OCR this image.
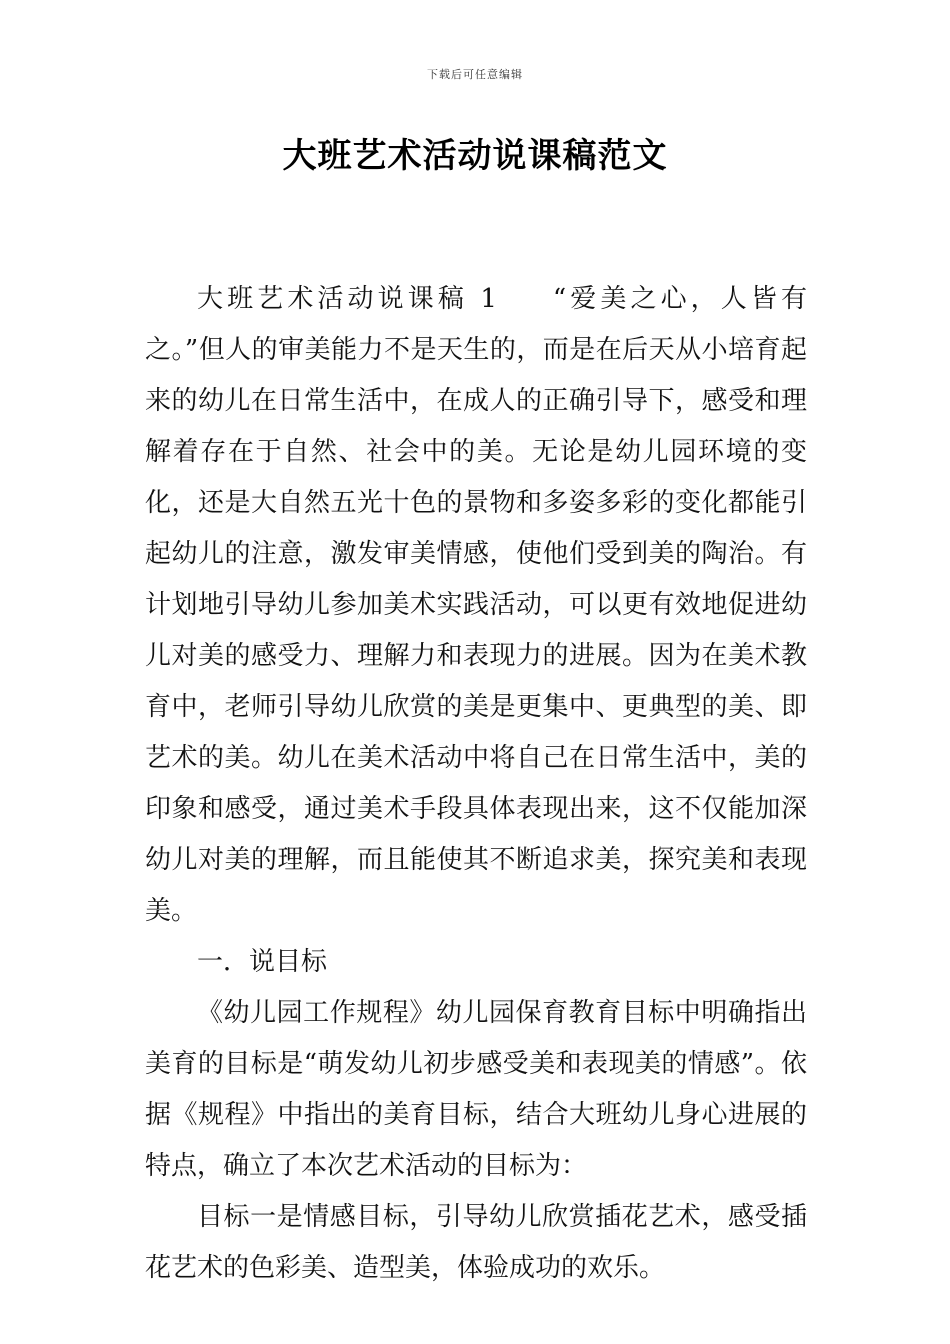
下载后可任意编辑
大班艺术活动说课稿范文

大班艺术活动说课稿 1 “爱美之心，人皆有之。”但人的审美能力不是天生的，而是在后天从小培育起来的幼儿在日常生活中，在成人的正确引导下，感受和理解着存在于自然、社会中的美。无论是幼儿园环境的变化，还是大自然五光十色的景物和多姿多彩的变化都能引起幼儿的注意，激发审美情感，使他们受到美的陶治。有计划地引导幼儿参加美术实践活动，可以更有效地促进幼儿对美的感受力、理解力和表现力的进展。因为在美术教育中，老师引导幼儿欣赏的美是更集中、更典型的美、即艺术的美。幼儿在美术活动中将自己在日常生活中，美的印象和感受，通过美术手段具体表现出来，这不仅能加深幼儿对美的理解，而且能使其不断追求美，探究美和表现美。

一．说目标

《幼儿园工作规程》幼儿园保育教育目标中明确指出美育的目标是“萌发幼儿初步感受美和表现美的情感”。依据《规程》中指出的美育目标，结合大班幼儿身心进展的特点，确立了本次艺术活动的目标为：

目标一是情感目标，引导幼儿欣赏插花艺术，感受插花艺术的色彩美、造型美，体验成功的欢乐。
